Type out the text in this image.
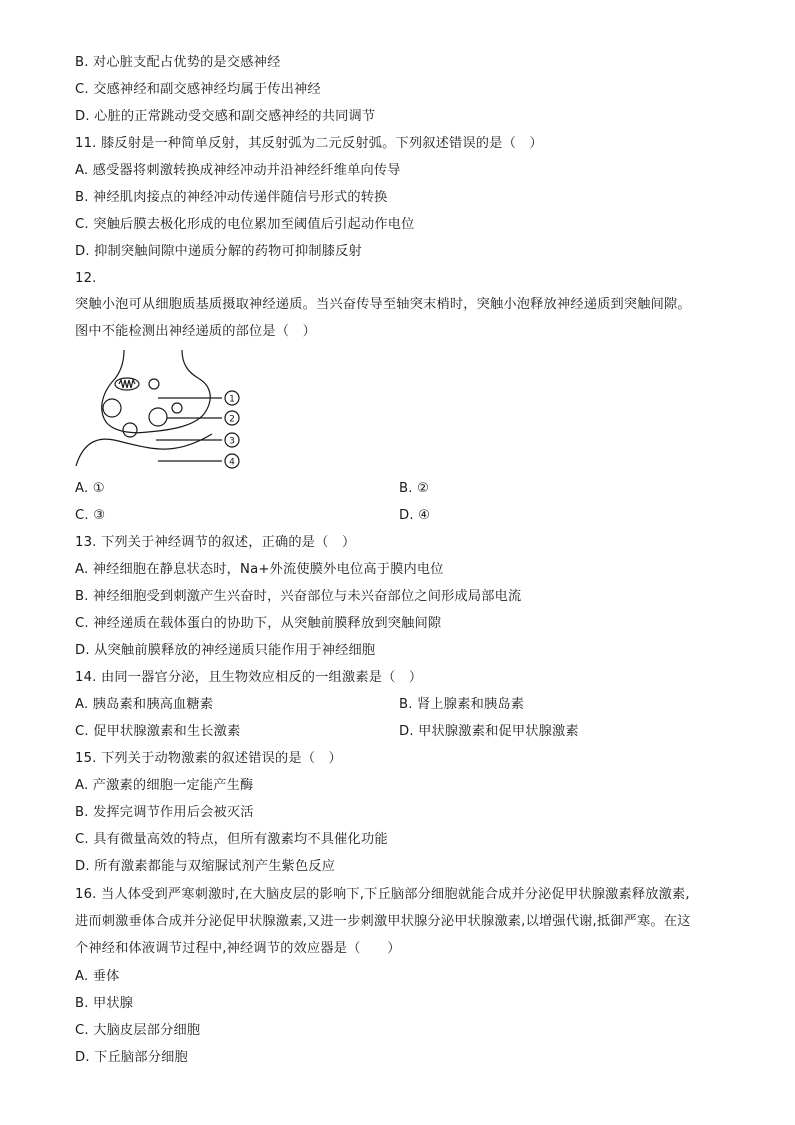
B. 对心脏支配占优势的是交感神经
C. 交感神经和副交感神经均属于传出神经
D. 心脏的正常跳动受交感和副交感神经的共同调节
11. 膝反射是一种简单反射，其反射弧为二元反射弧。下列叙述错误的是（　）
A. 感受器将刺激转换成神经冲动并沿神经纤维单向传导
B. 神经肌肉接点的神经冲动传递伴随信号形式的转换
C. 突触后膜去极化形成的电位累加至阈值后引起动作电位
D. 抑制突触间隙中递质分解的药物可抑制膝反射
12.
突触小泡可从细胞质基质摄取神经递质。当兴奋传导至轴突末梢时，突触小泡释放神经递质到突触间隙。
图中不能检测出神经递质的部位是（　）
1
2
3
4
A. ①	B. ②
C. ③	D. ④
13. 下列关于神经调节的叙述，正确的是（　）
A. 神经细胞在静息状态时，Na+外流使膜外电位高于膜内电位
B. 神经细胞受到刺激产生兴奋时，兴奋部位与未兴奋部位之间形成局部电流
C. 神经递质在载体蛋白的协助下，从突触前膜释放到突触间隙
D. 从突触前膜释放的神经递质只能作用于神经细胞
14. 由同一器官分泌，且生物效应相反的一组激素是（　）
A. 胰岛素和胰高血糖素	B. 肾上腺素和胰岛素
C. 促甲状腺激素和生长激素	D. 甲状腺激素和促甲状腺激素
15. 下列关于动物激素的叙述错误的是（　）
A. 产激素的细胞一定能产生酶
B. 发挥完调节作用后会被灭活
C. 具有微量高效的特点，但所有激素均不具催化功能
D. 所有激素都能与双缩脲试剂产生紫色反应
16. 当人体受到严寒刺激时,在大脑皮层的影响下,下丘脑部分细胞就能合成并分泌促甲状腺激素释放激素,
进而刺激垂体合成并分泌促甲状腺激素,又进一步刺激甲状腺分泌甲状腺激素,以增强代谢,抵御严寒。在这
个神经和体液调节过程中,神经调节的效应器是（　　）
A. 垂体
B. 甲状腺
C. 大脑皮层部分细胞
D. 下丘脑部分细胞
